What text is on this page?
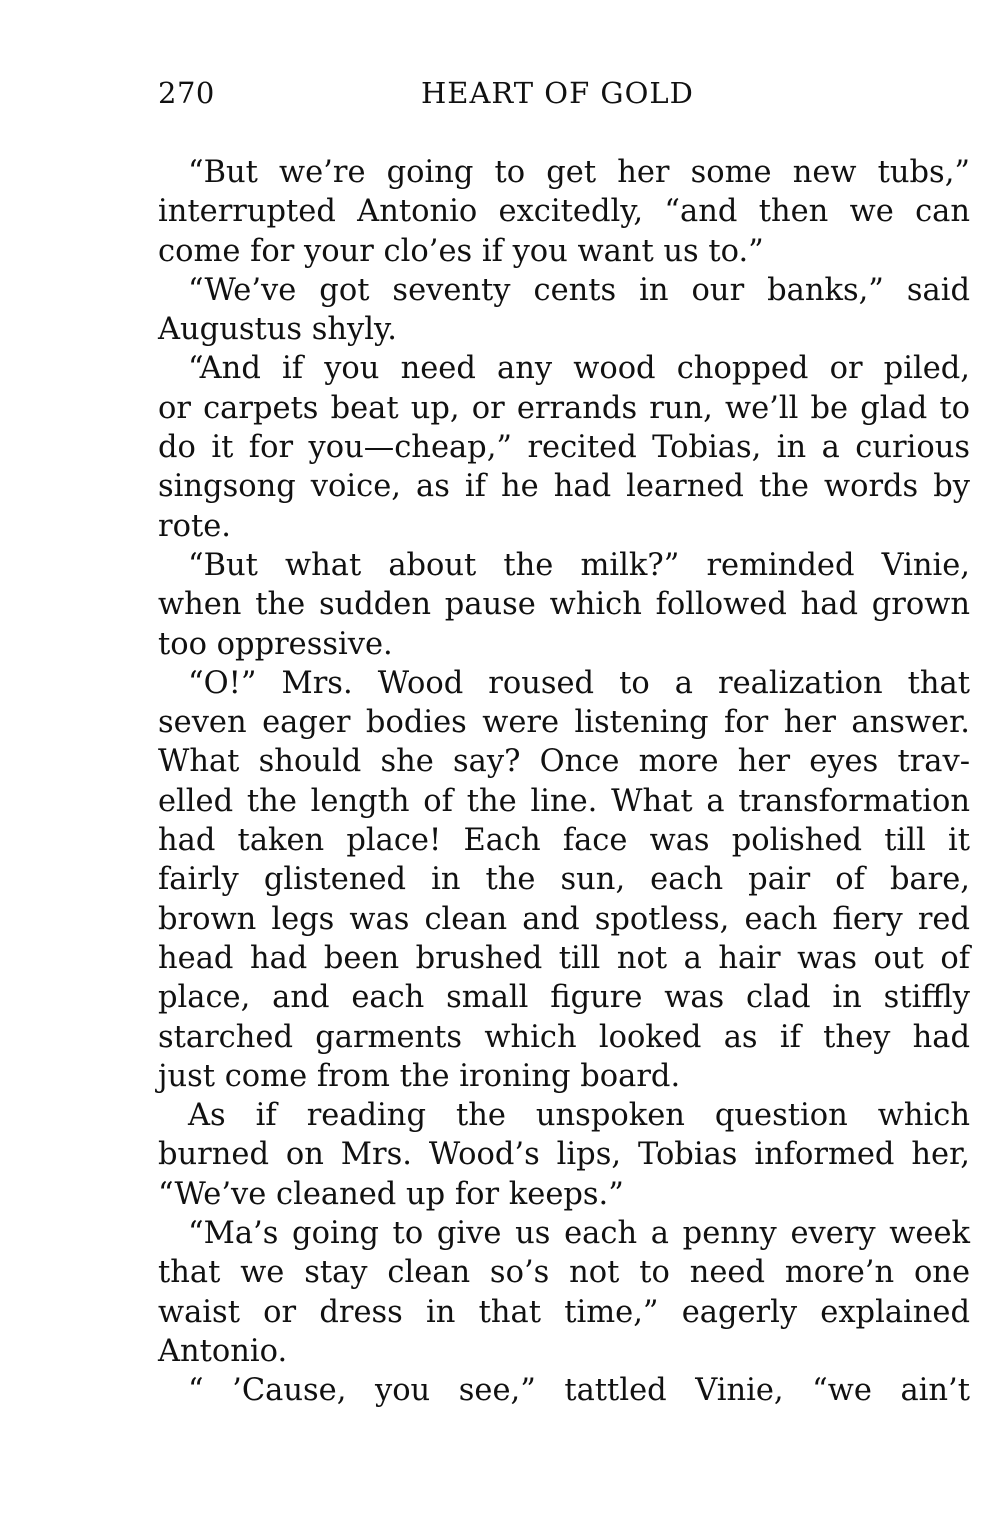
270	HEART OF GOLD
“But we’re going to get her some new tubs,”
interrupted Antonio excitedly, “and then we can
come for your clo’es if you want us to.”
“We’ve got seventy cents in our banks,” said
Augustus shyly.
“And if you need any wood chopped or piled,
or carpets beat up, or errands run, we’ll be glad to
do it for you—cheap,” recited Tobias, in a curious
singsong voice, as if he had learned the words by
rote.
“But what about the milk?” reminded Vinie,
when the sudden pause which followed had grown
too oppressive.
“O!” Mrs. Wood roused to a realization that
seven eager bodies were listening for her answer.
What should she say? Once more her eyes trav-
elled the length of the line. What a transformation
had taken place! Each face was polished till it
fairly glistened in the sun, each pair of bare,
brown legs was clean and spotless, each fiery red
head had been brushed till not a hair was out of
place, and each small figure was clad in stiffly
starched garments which looked as if they had
just come from the ironing board.
As if reading the unspoken question which
burned on Mrs. Wood’s lips, Tobias informed her,
“We’ve cleaned up for keeps.”
“Ma’s going to give us each a penny every week
that we stay clean so’s not to need more’n one
waist or dress in that time,” eagerly explained
Antonio.
“ ’Cause, you see,” tattled Vinie, “we ain’t
